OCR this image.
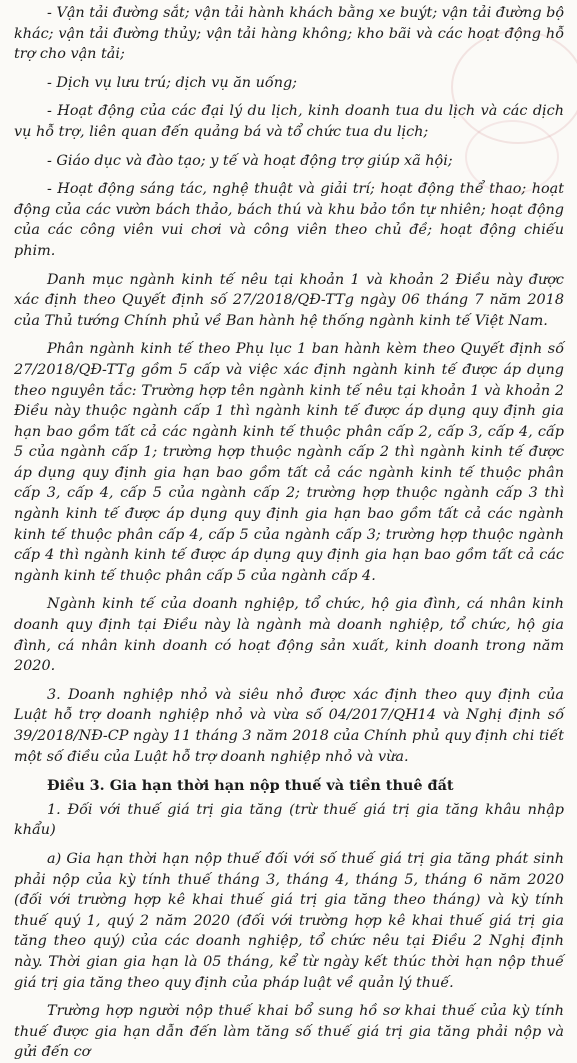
- Vận tải đường sắt; vận tải hành khách bằng xe buýt; vận tải đường bộ khác; vận tải đường thủy; vận tải hàng không; kho bãi và các hoạt động hỗ trợ cho vận tải;

- Dịch vụ lưu trú; dịch vụ ăn uống;

- Hoạt động của các đại lý du lịch, kinh doanh tua du lịch và các dịch vụ hỗ trợ, liên quan đến quảng bá và tổ chức tua du lịch;

- Giáo dục và đào tạo; y tế và hoạt động trợ giúp xã hội;

- Hoạt động sáng tác, nghệ thuật và giải trí; hoạt động thể thao; hoạt động của các vườn bách thảo, bách thú và khu bảo tồn tự nhiên; hoạt động của các công viên vui chơi và công viên theo chủ đề; hoạt động chiếu phim.

Danh mục ngành kinh tế nêu tại khoản 1 và khoản 2 Điều này được xác định theo Quyết định số 27/2018/QĐ-TTg ngày 06 tháng 7 năm 2018 của Thủ tướng Chính phủ về Ban hành hệ thống ngành kinh tế Việt Nam.

Phân ngành kinh tế theo Phụ lục 1 ban hành kèm theo Quyết định số 27/2018/QĐ-TTg gồm 5 cấp và việc xác định ngành kinh tế được áp dụng theo nguyên tắc: Trường hợp tên ngành kinh tế nêu tại khoản 1 và khoản 2 Điều này thuộc ngành cấp 1 thì ngành kinh tế được áp dụng quy định gia hạn bao gồm tất cả các ngành kinh tế thuộc phân cấp 2, cấp 3, cấp 4, cấp 5 của ngành cấp 1; trường hợp thuộc ngành cấp 2 thì ngành kinh tế được áp dụng quy định gia hạn bao gồm tất cả các ngành kinh tế thuộc phân cấp 3, cấp 4, cấp 5 của ngành cấp 2; trường hợp thuộc ngành cấp 3 thì ngành kinh tế được áp dụng quy định gia hạn bao gồm tất cả các ngành kinh tế thuộc phân cấp 4, cấp 5 của ngành cấp 3; trường hợp thuộc ngành cấp 4 thì ngành kinh tế được áp dụng quy định gia hạn bao gồm tất cả các ngành kinh tế thuộc phân cấp 5 của ngành cấp 4.

Ngành kinh tế của doanh nghiệp, tổ chức, hộ gia đình, cá nhân kinh doanh quy định tại Điều này là ngành mà doanh nghiệp, tổ chức, hộ gia đình, cá nhân kinh doanh có hoạt động sản xuất, kinh doanh trong năm 2020.

3. Doanh nghiệp nhỏ và siêu nhỏ được xác định theo quy định của Luật hỗ trợ doanh nghiệp nhỏ và vừa số 04/2017/QH14 và Nghị định số 39/2018/NĐ-CP ngày 11 tháng 3 năm 2018 của Chính phủ quy định chi tiết một số điều của Luật hỗ trợ doanh nghiệp nhỏ và vừa.

Điều 3. Gia hạn thời hạn nộp thuế và tiền thuê đất

1. Đối với thuế giá trị gia tăng (trừ thuế giá trị gia tăng khâu nhập khẩu)

a) Gia hạn thời hạn nộp thuế đối với số thuế giá trị gia tăng phát sinh phải nộp của kỳ tính thuế tháng 3, tháng 4, tháng 5, tháng 6 năm 2020 (đối với trường hợp kê khai thuế giá trị gia tăng theo tháng) và kỳ tính thuế quý 1, quý 2 năm 2020 (đối với trường hợp kê khai thuế giá trị gia tăng theo quý) của các doanh nghiệp, tổ chức nêu tại Điều 2 Nghị định này. Thời gian gia hạn là 05 tháng, kể từ ngày kết thúc thời hạn nộp thuế giá trị gia tăng theo quy định của pháp luật về quản lý thuế.

Trường hợp người nộp thuế khai bổ sung hồ sơ khai thuế của kỳ tính thuế được gia hạn dẫn đến làm tăng số thuế giá trị gia tăng phải nộp và gửi đến cơ
